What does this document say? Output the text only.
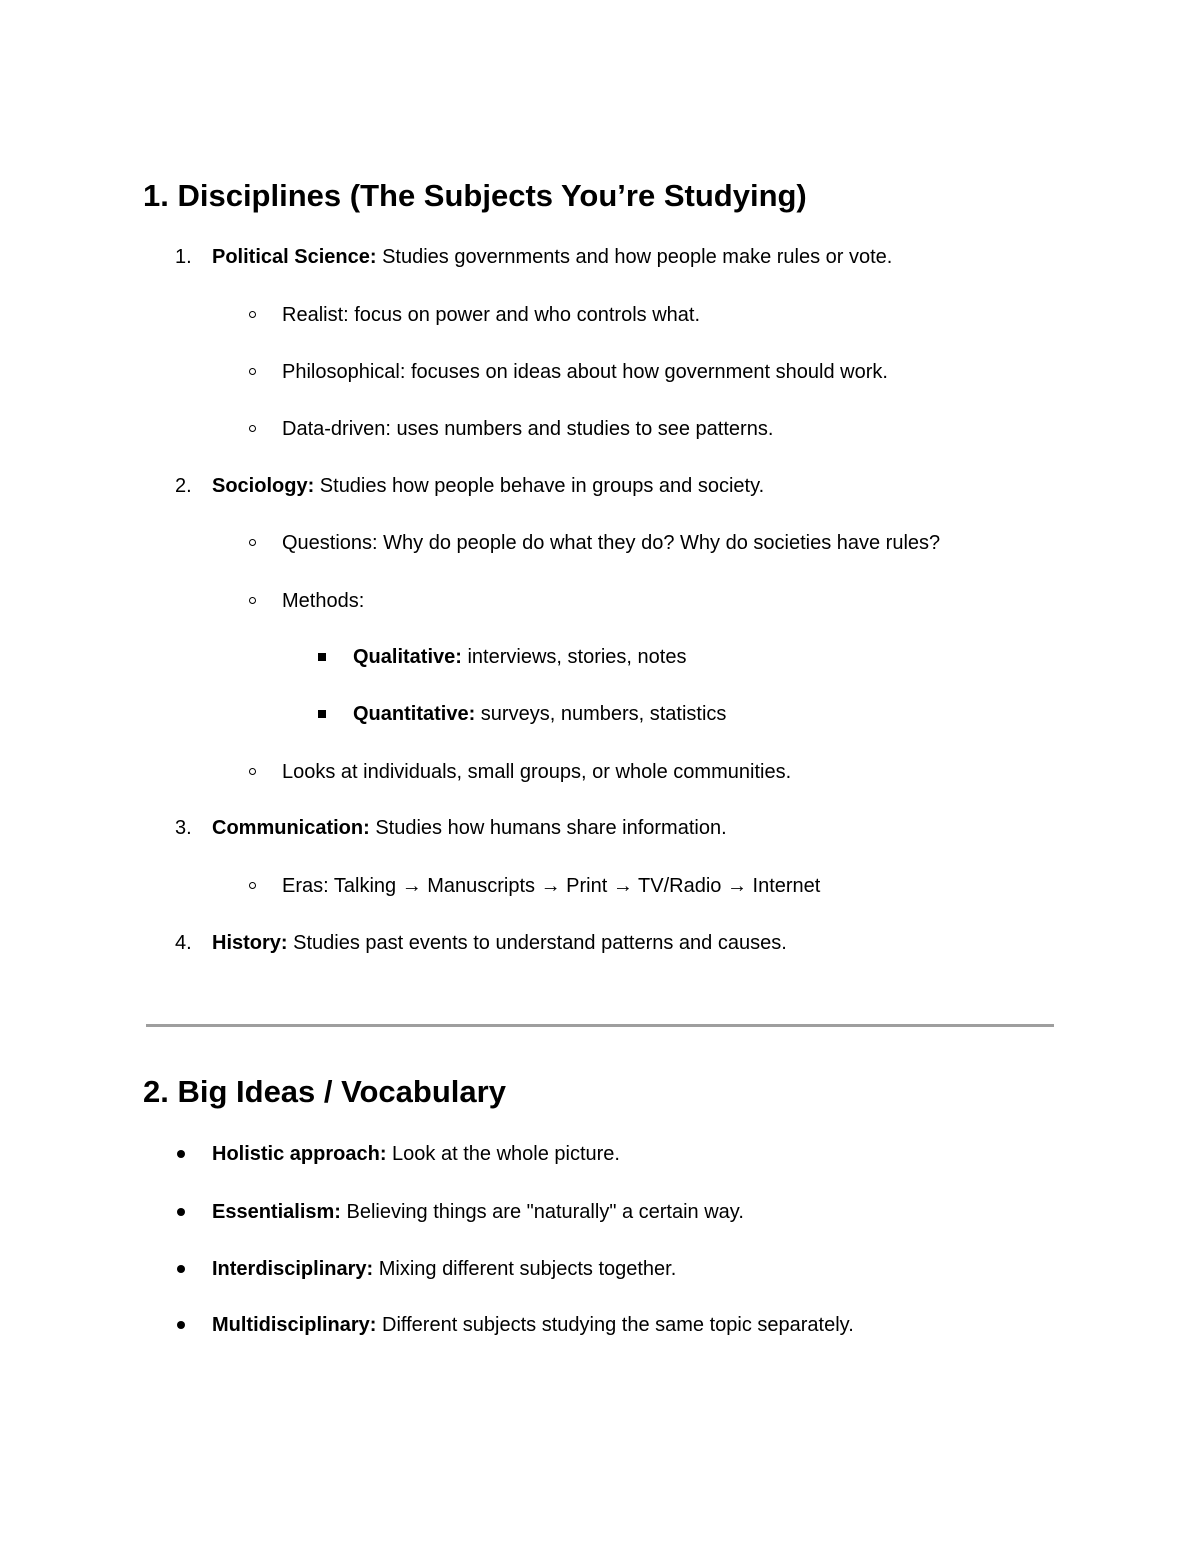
1. Disciplines (The Subjects You’re Studying)
1. Political Science: Studies governments and how people make rules or vote.
Realist: focus on power and who controls what.
Philosophical: focuses on ideas about how government should work.
Data-driven: uses numbers and studies to see patterns.
2. Sociology: Studies how people behave in groups and society.
Questions: Why do people do what they do? Why do societies have rules?
Methods:
Qualitative: interviews, stories, notes
Quantitative: surveys, numbers, statistics
Looks at individuals, small groups, or whole communities.
3. Communication: Studies how humans share information.
Eras: Talking → Manuscripts → Print → TV/Radio → Internet
4. History: Studies past events to understand patterns and causes.
2. Big Ideas / Vocabulary
Holistic approach: Look at the whole picture.
Essentialism: Believing things are "naturally" a certain way.
Interdisciplinary: Mixing different subjects together.
Multidisciplinary: Different subjects studying the same topic separately.
